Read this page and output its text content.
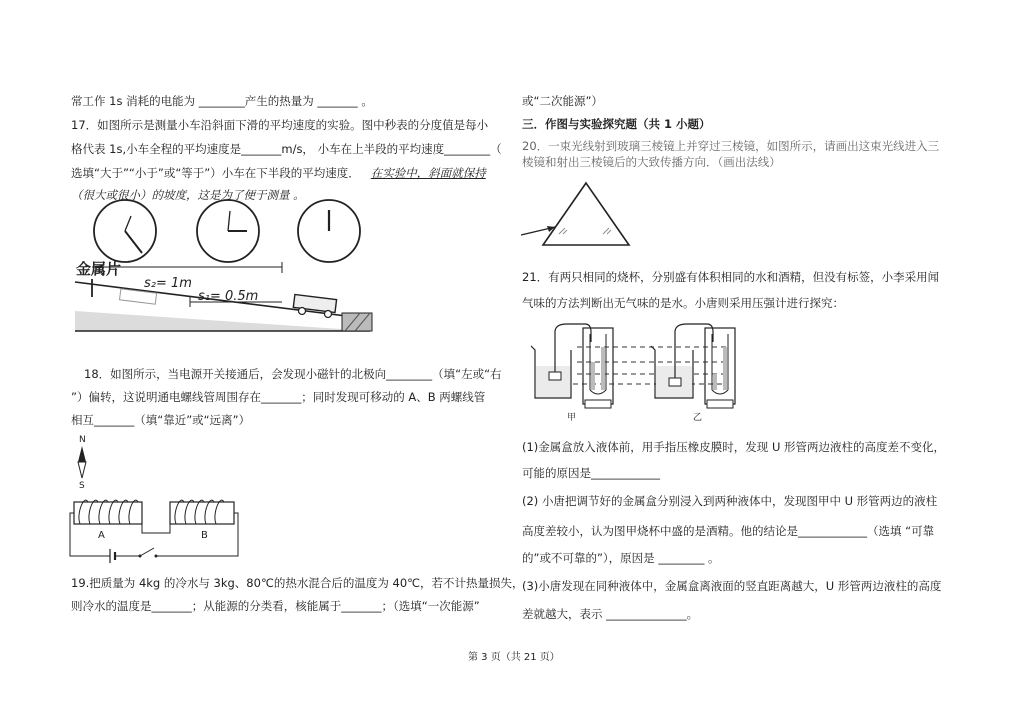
常工作 1s 消耗的电能为 ________产生的热量为 _______ 。
17．如图所示是测量小车沿斜面下滑的平均速度的实验。图中秒表的分度值是每小
格代表 1s,小车全程的平均速度是_______m/s， 小车在上半段的平均速度________（
选填“大于”“小于”或“等于”）小车在下半段的平均速度． 在实验中，斜面就保持
（很大或很小）的坡度，这是为了便于测量 。
金属片
s₂= 1m
s₁= 0.5m
18．如图所示，当电源开关接通后，会发现小磁针的北极向________（填“左或“右
”）偏转，这说明通电螺线管周围存在_______；同时发现可移动的 A、B 两螺线管
相互_______（填“靠近”或“远离”）
N
S
A	B
19.把质量为 4kg 的冷水与 3kg、80℃的热水混合后的温度为 40℃，若不计热量损失，
则冷水的温度是_______；从能源的分类看，核能属于_______；（选填“一次能源”
或“二次能源”）
三．作图与实验探究题（共 1 小题）
20．一束光线射到玻璃三棱镜上并穿过三棱镜，如图所示，请画出这束光线进入三
棱镜和射出三棱镜后的大致传播方向．（画出法线）
21．有两只相同的烧杯，分别盛有体积相同的水和酒精，但没有标签，小李采用闻
气味的方法判断出无气味的是水。小唐则采用压强计进行探究：
甲	乙
(1)金属盒放入液体前，用手指压橡皮膜时，发现 U 形管两边液柱的高度差不变化，
可能的原因是____________
(2) 小唐把调节好的金属盒分别浸入到两种液体中，发现图甲中 U 形管两边的液柱
高度差较小，认为图甲烧杯中盛的是酒精。他的结论是____________（选填 “可靠
的”或不可靠的”），原因是 ________ 。
(3)小唐发现在同种液体中，金属盒离液面的竖直距离越大，U 形管两边液柱的高度
差就越大，表示 ______________。
第 3 页（共 21 页）
